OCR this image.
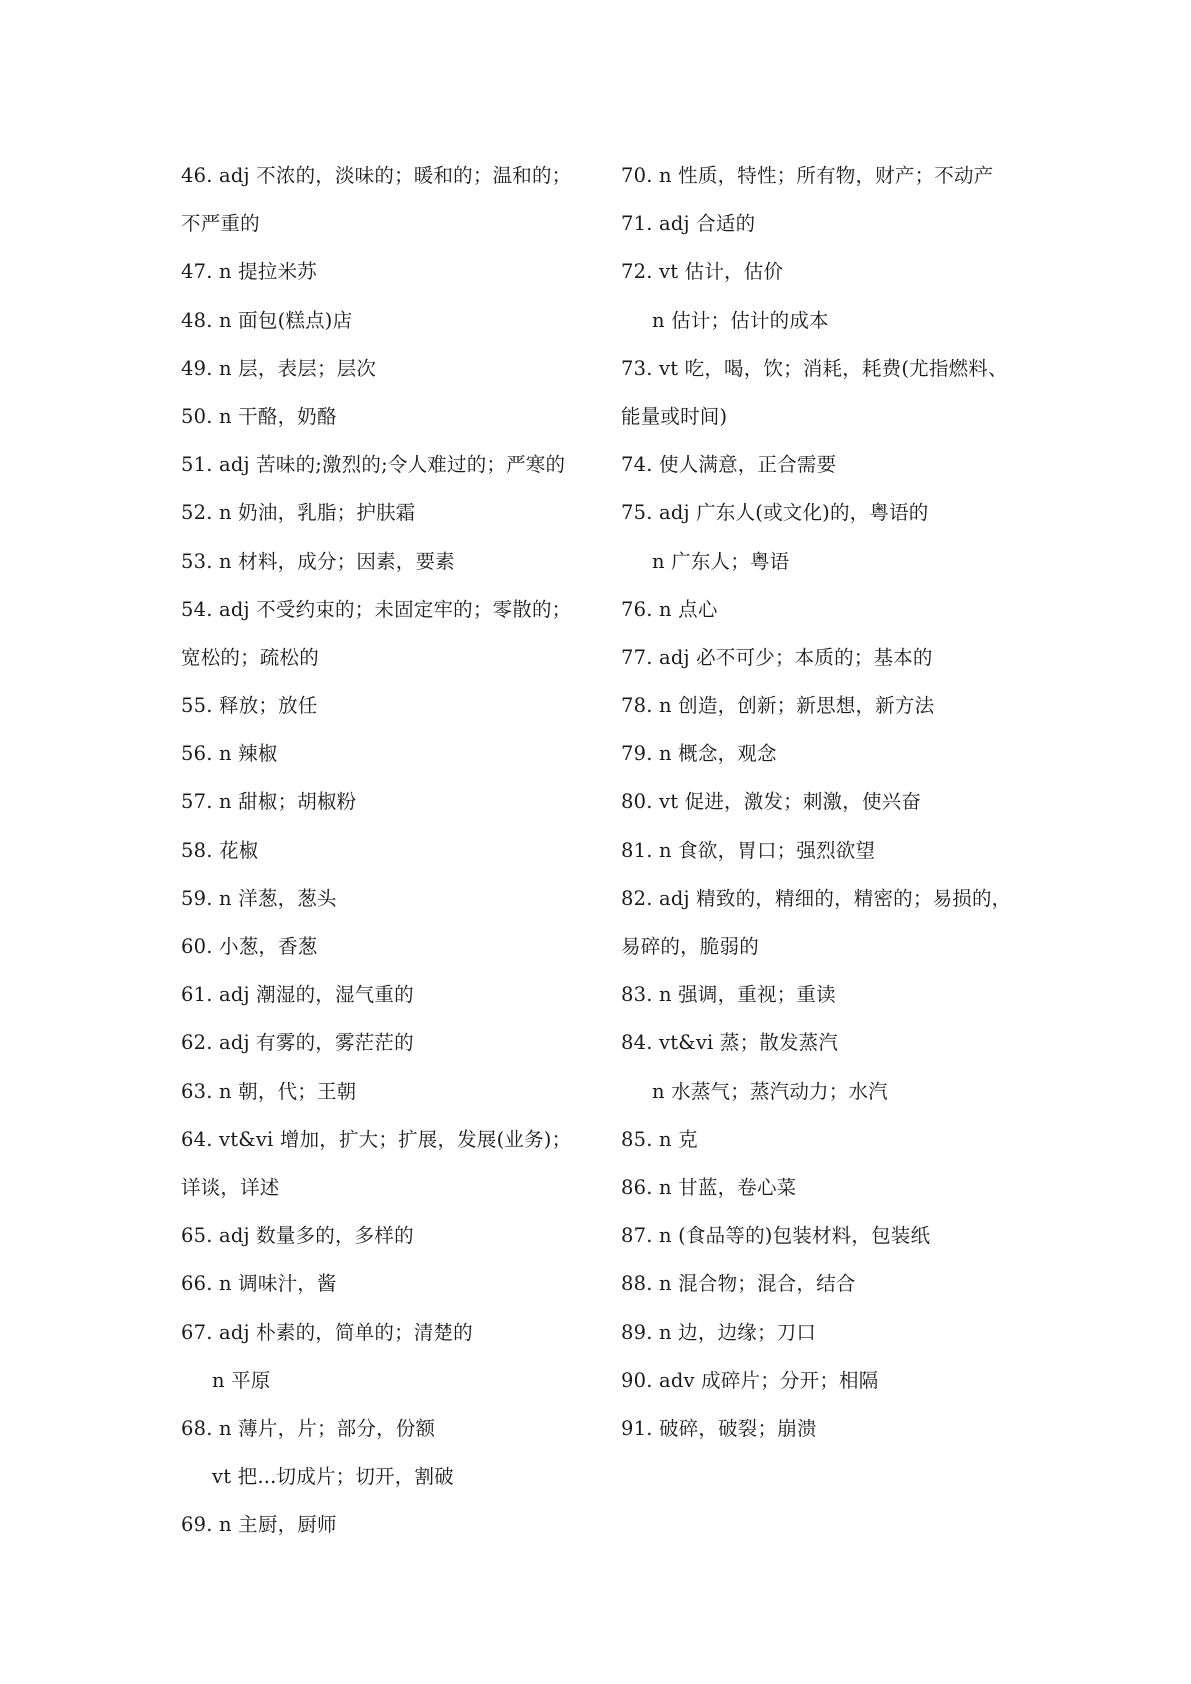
46. adj 不浓的，淡味的；暖和的；温和的；
不严重的
47. n 提拉米苏
48. n 面包(糕点)店
49. n 层，表层；层次
50. n 干酪，奶酪
51. adj 苦味的;激烈的;令人难过的；严寒的
52. n 奶油，乳脂；护肤霜
53. n 材料，成分；因素，要素
54. adj 不受约束的；未固定牢的；零散的；
宽松的；疏松的
55. 释放；放任
56. n 辣椒
57. n 甜椒；胡椒粉
58. 花椒
59. n 洋葱，葱头
60. 小葱，香葱
61. adj 潮湿的，湿气重的
62. adj 有雾的，雾茫茫的
63. n 朝，代；王朝
64. vt&vi 增加，扩大；扩展，发展(业务)；
详谈，详述
65. adj 数量多的，多样的
66. n 调味汁，酱
67. adj 朴素的，简单的；清楚的
n 平原
68. n 薄片，片；部分，份额
vt 把...切成片；切开，割破
69. n 主厨，厨师
70. n 性质，特性；所有物，财产；不动产
71. adj 合适的
72. vt 估计，估价
n 估计；估计的成本
73. vt 吃，喝，饮；消耗，耗费(尤指燃料、
能量或时间)
74. 使人满意，正合需要
75. adj 广东人(或文化)的，粤语的
n 广东人；粤语
76. n 点心
77. adj 必不可少；本质的；基本的
78. n 创造，创新；新思想，新方法
79. n 概念，观念
80. vt 促进，激发；刺激，使兴奋
81. n 食欲，胃口；强烈欲望
82. adj 精致的，精细的，精密的；易损的，
易碎的，脆弱的
83. n 强调，重视；重读
84. vt&vi 蒸；散发蒸汽
n 水蒸气；蒸汽动力；水汽
85. n 克
86. n 甘蓝，卷心菜
87. n (食品等的)包装材料，包装纸
88. n 混合物；混合，结合
89. n 边，边缘；刀口
90. adv 成碎片；分开；相隔
91. 破碎，破裂；崩溃
